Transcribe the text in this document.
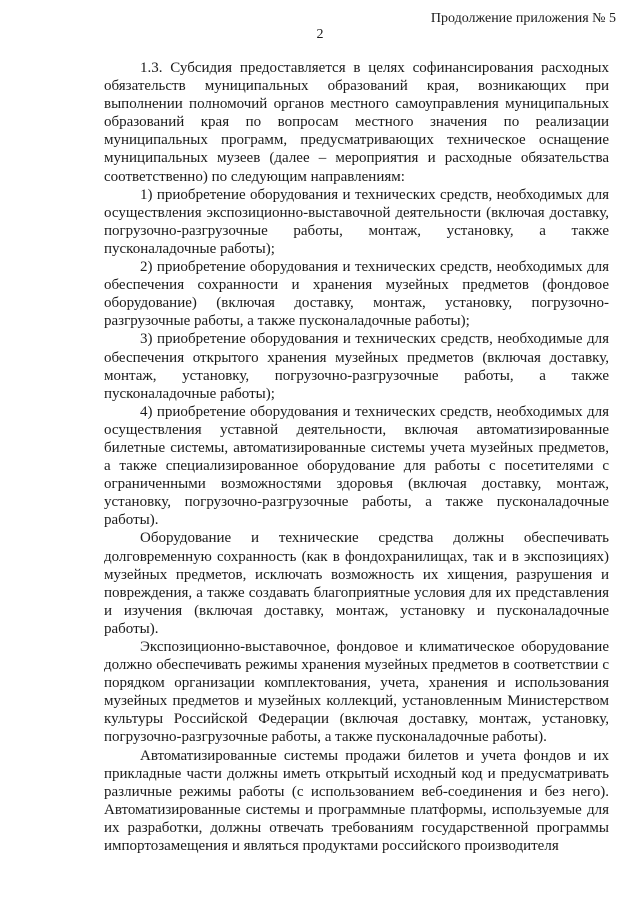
Продолжение приложения № 5
2

1.3. Субсидия предоставляется в целях софинансирования расходных обязательств муниципальных образований края, возникающих при выполнении полномочий органов местного самоуправления муниципальных образований края по вопросам местного значения по реализации муниципальных программ, предусматривающих техническое оснащение муниципальных музеев (далее – мероприятия и расходные обязательства соответственно) по следующим направлениям:

1) приобретение оборудования и технических средств, необходимых для осуществления экспозиционно-выставочной деятельности (включая доставку, погрузочно-разгрузочные работы, монтаж, установку, а также пусконаладочные работы);

2) приобретение оборудования и технических средств, необходимых для обеспечения сохранности и хранения музейных предметов (фондовое оборудование) (включая доставку, монтаж, установку, погрузочно-разгрузочные работы, а также пусконаладочные работы);

3) приобретение оборудования и технических средств, необходимые для обеспечения открытого хранения музейных предметов (включая доставку, монтаж, установку, погрузочно-разгрузочные работы, а также пусконаладочные работы);

4) приобретение оборудования и технических средств, необходимых для осуществления уставной деятельности, включая автоматизированные билетные системы, автоматизированные системы учета музейных предметов, а также специализированное оборудование для работы с посетителями с ограниченными возможностями здоровья (включая доставку, монтаж, установку, погрузочно-разгрузочные работы, а также пусконаладочные работы).

Оборудование и технические средства должны обеспечивать долговременную сохранность (как в фондохранилищах, так и в экспозициях) музейных предметов, исключать возможность их хищения, разрушения и повреждения, а также создавать благоприятные условия для их представления и изучения (включая доставку, монтаж, установку и пусконаладочные работы).

Экспозиционно-выставочное, фондовое и климатическое оборудование должно обеспечивать режимы хранения музейных предметов в соответствии с порядком организации комплектования, учета, хранения и использования музейных предметов и музейных коллекций, установленным Министерством культуры Российской Федерации (включая доставку, монтаж, установку, погрузочно-разгрузочные работы, а также пусконаладочные работы).

Автоматизированные системы продажи билетов и учета фондов и их прикладные части должны иметь открытый исходный код и предусматривать различные режимы работы (с использованием веб-соединения и без него). Автоматизированные системы и программные платформы, используемые для их разработки, должны отвечать требованиям государственной программы импортозамещения и являться продуктами российского производителя
